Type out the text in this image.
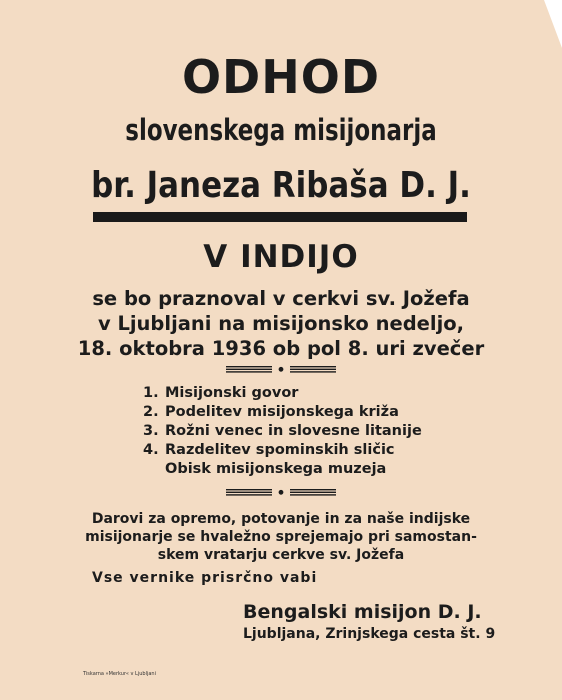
ODHOD
slovenskega misijonarja
br. Janeza Ribaša D. J.
V INDIJO
se bo praznoval v cerkvi sv. Jožefa
v Ljubljani na misijonsko nedeljo,
18. oktobra 1936 ob pol 8. uri zvečer
1. Misijonski govor
2. Podelitev misijonskega križa
3. Rožni venec in slovesne litanije
4. Razdelitev spominskih sličic
Obisk misijonskega muzeja
Darovi za opremo, potovanje in za naše indijske
misijonarje se hvaležno sprejemajo pri samostan-
skem vratarju cerkve sv. Jožefa
Vse vernike prisrčno vabi
Bengalski misijon D. J.
Ljubljana, Zrinjskega cesta št. 9
Tiskarna »Merkur« v Ljubljani
